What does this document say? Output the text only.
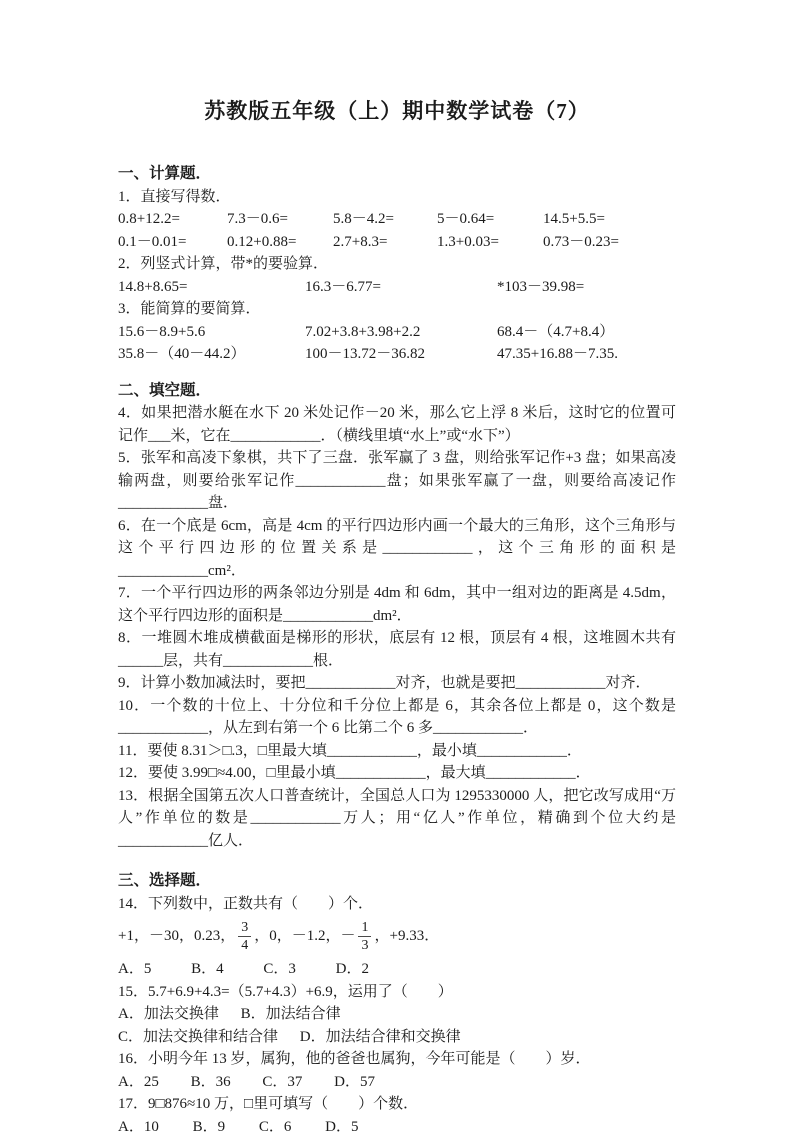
苏教版五年级（上）期中数学试卷（7）

一、计算题．

1．直接写得数．

0.8+12.2=	7.3－0.6=	5.8－4.2=	5－0.64=	14.5+5.5=
0.1－0.01=	0.12+0.88=	2.7+8.3=	1.3+0.03=	0.73－0.23=

2．列竖式计算，带*的要验算．

14.8+8.65=	16.3－6.77=	*103－39.98=

3．能简算的要简算．

15.6－8.9+5.6	7.02+3.8+3.98+2.2	68.4－（4.7+8.4）
35.8－（40－44.2）	100－13.72－36.82	47.35+16.88－7.35.

二、填空题．

4．如果把潜水艇在水下 20 米处记作－20 米，那么它上浮 8 米后，这时它的位置可记作___米，它在____________．（横线里填“水上”或“水下”）

5．张军和高凌下象棋，共下了三盘．张军赢了 3 盘，则给张军记作+3 盘；如果高凌输两盘，则要给张军记作____________盘；如果张军赢了一盘，则要给高凌记作____________盘．

6．在一个底是 6cm，高是 4cm 的平行四边形内画一个最大的三角形，这个三角形与这个平行四边形的位置关系是____________，这个三角形的面积是____________cm²．

7．一个平行四边形的两条邻边分别是 4dm 和 6dm，其中一组对边的距离是 4.5dm，这个平行四边形的面积是____________dm²．

8．一堆圆木堆成横截面是梯形的形状，底层有 12 根，顶层有 4 根，这堆圆木共有______层，共有____________根．

9．计算小数加减法时，要把____________对齐，也就是要把____________对齐．

10．一个数的十位上、十分位和千分位上都是 6，其余各位上都是 0，这个数是____________，从左到右第一个 6 比第二个 6 多____________．

11．要使 8.31＞□.3，□里最大填____________，最小填____________．

12．要使 3.99□≈4.00，□里最小填____________，最大填____________．

13．根据全国第五次人口普查统计，全国总人口为 1295330000 人，把它改写成用“万人”作单位的数是____________万人；用“亿人”作单位，精确到个位大约是____________亿人．

三、选择题．

14．下列数中，正数共有（　　）个．

+1，－30，0.23， $\frac{3}{4}$ ，0，－1.2，－ $\frac{1}{3}$ ，+9.33．

A．5	B．4	C．3	D．2

15．5.7+6.9+4.3=（5.7+4.3）+6.9，运用了（　　）

A．加法交换律 B．加法结合律

C．加法交换律和结合律 D．加法结合律和交换律

16．小明今年 13 岁，属狗，他的爸爸也属狗，今年可能是（　　）岁．

A．25 B．36 C．37 D．57

17．9□876≈10 万，□里可填写（　　）个数．

A．10 B．9 C．6 D．5
